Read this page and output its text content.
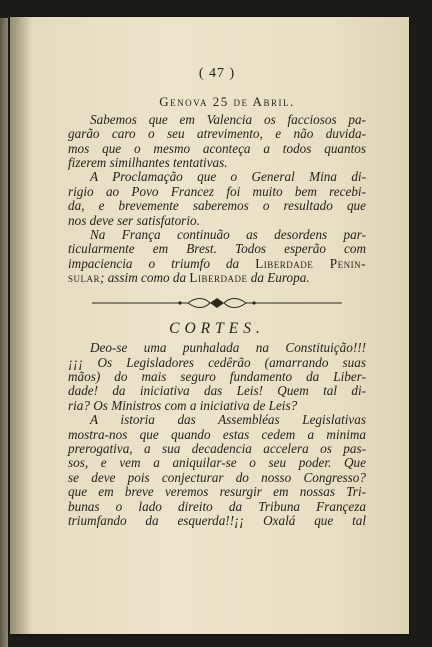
( 47 )
Genova 25 de Abril.
Sabemos que em Valencia os facciosos pa-
garão caro o seu atrevimento, e não duvida-
mos que o mesmo aconteça a todos quantos
fizerem similhantes tentativas.
A Proclamação que o General Mina di-
rigio ao Povo Francez foi muito bem recebi-
da, e brevemente saberemos o resultado que
nos deve ser satisfatorio.
Na França continuão as desordens par-
ticularmente em Brest. Todos esperão com
impaciencia o triumfo da Liberdade Penin-
sular; assim como da Liberdade da Europa.
CORTES.
Deo-se uma punhalada na Constituição!!!
¡¡¡ Os Legisladores cedêrão (amarrando suas
mãos) do mais seguro fundamento da Liber-
dade! da iniciativa das Leis! Quem tal di-
ria? Os Ministros com a iniciativa de Leis?
A istoria das Assembléas Legislativas
mostra-nos que quando estas cedem a minima
prerogativa, a sua decadencia accelera os pas-
sos, e vem a aniquilar-se o seu poder. Que
se deve pois conjecturar do nosso Congresso?
que em breve veremos resurgir em nossas Tri-
bunas o lado direito da Tribuna Françeza
triumfando da esquerda!!¡¡ Oxalá que tal
